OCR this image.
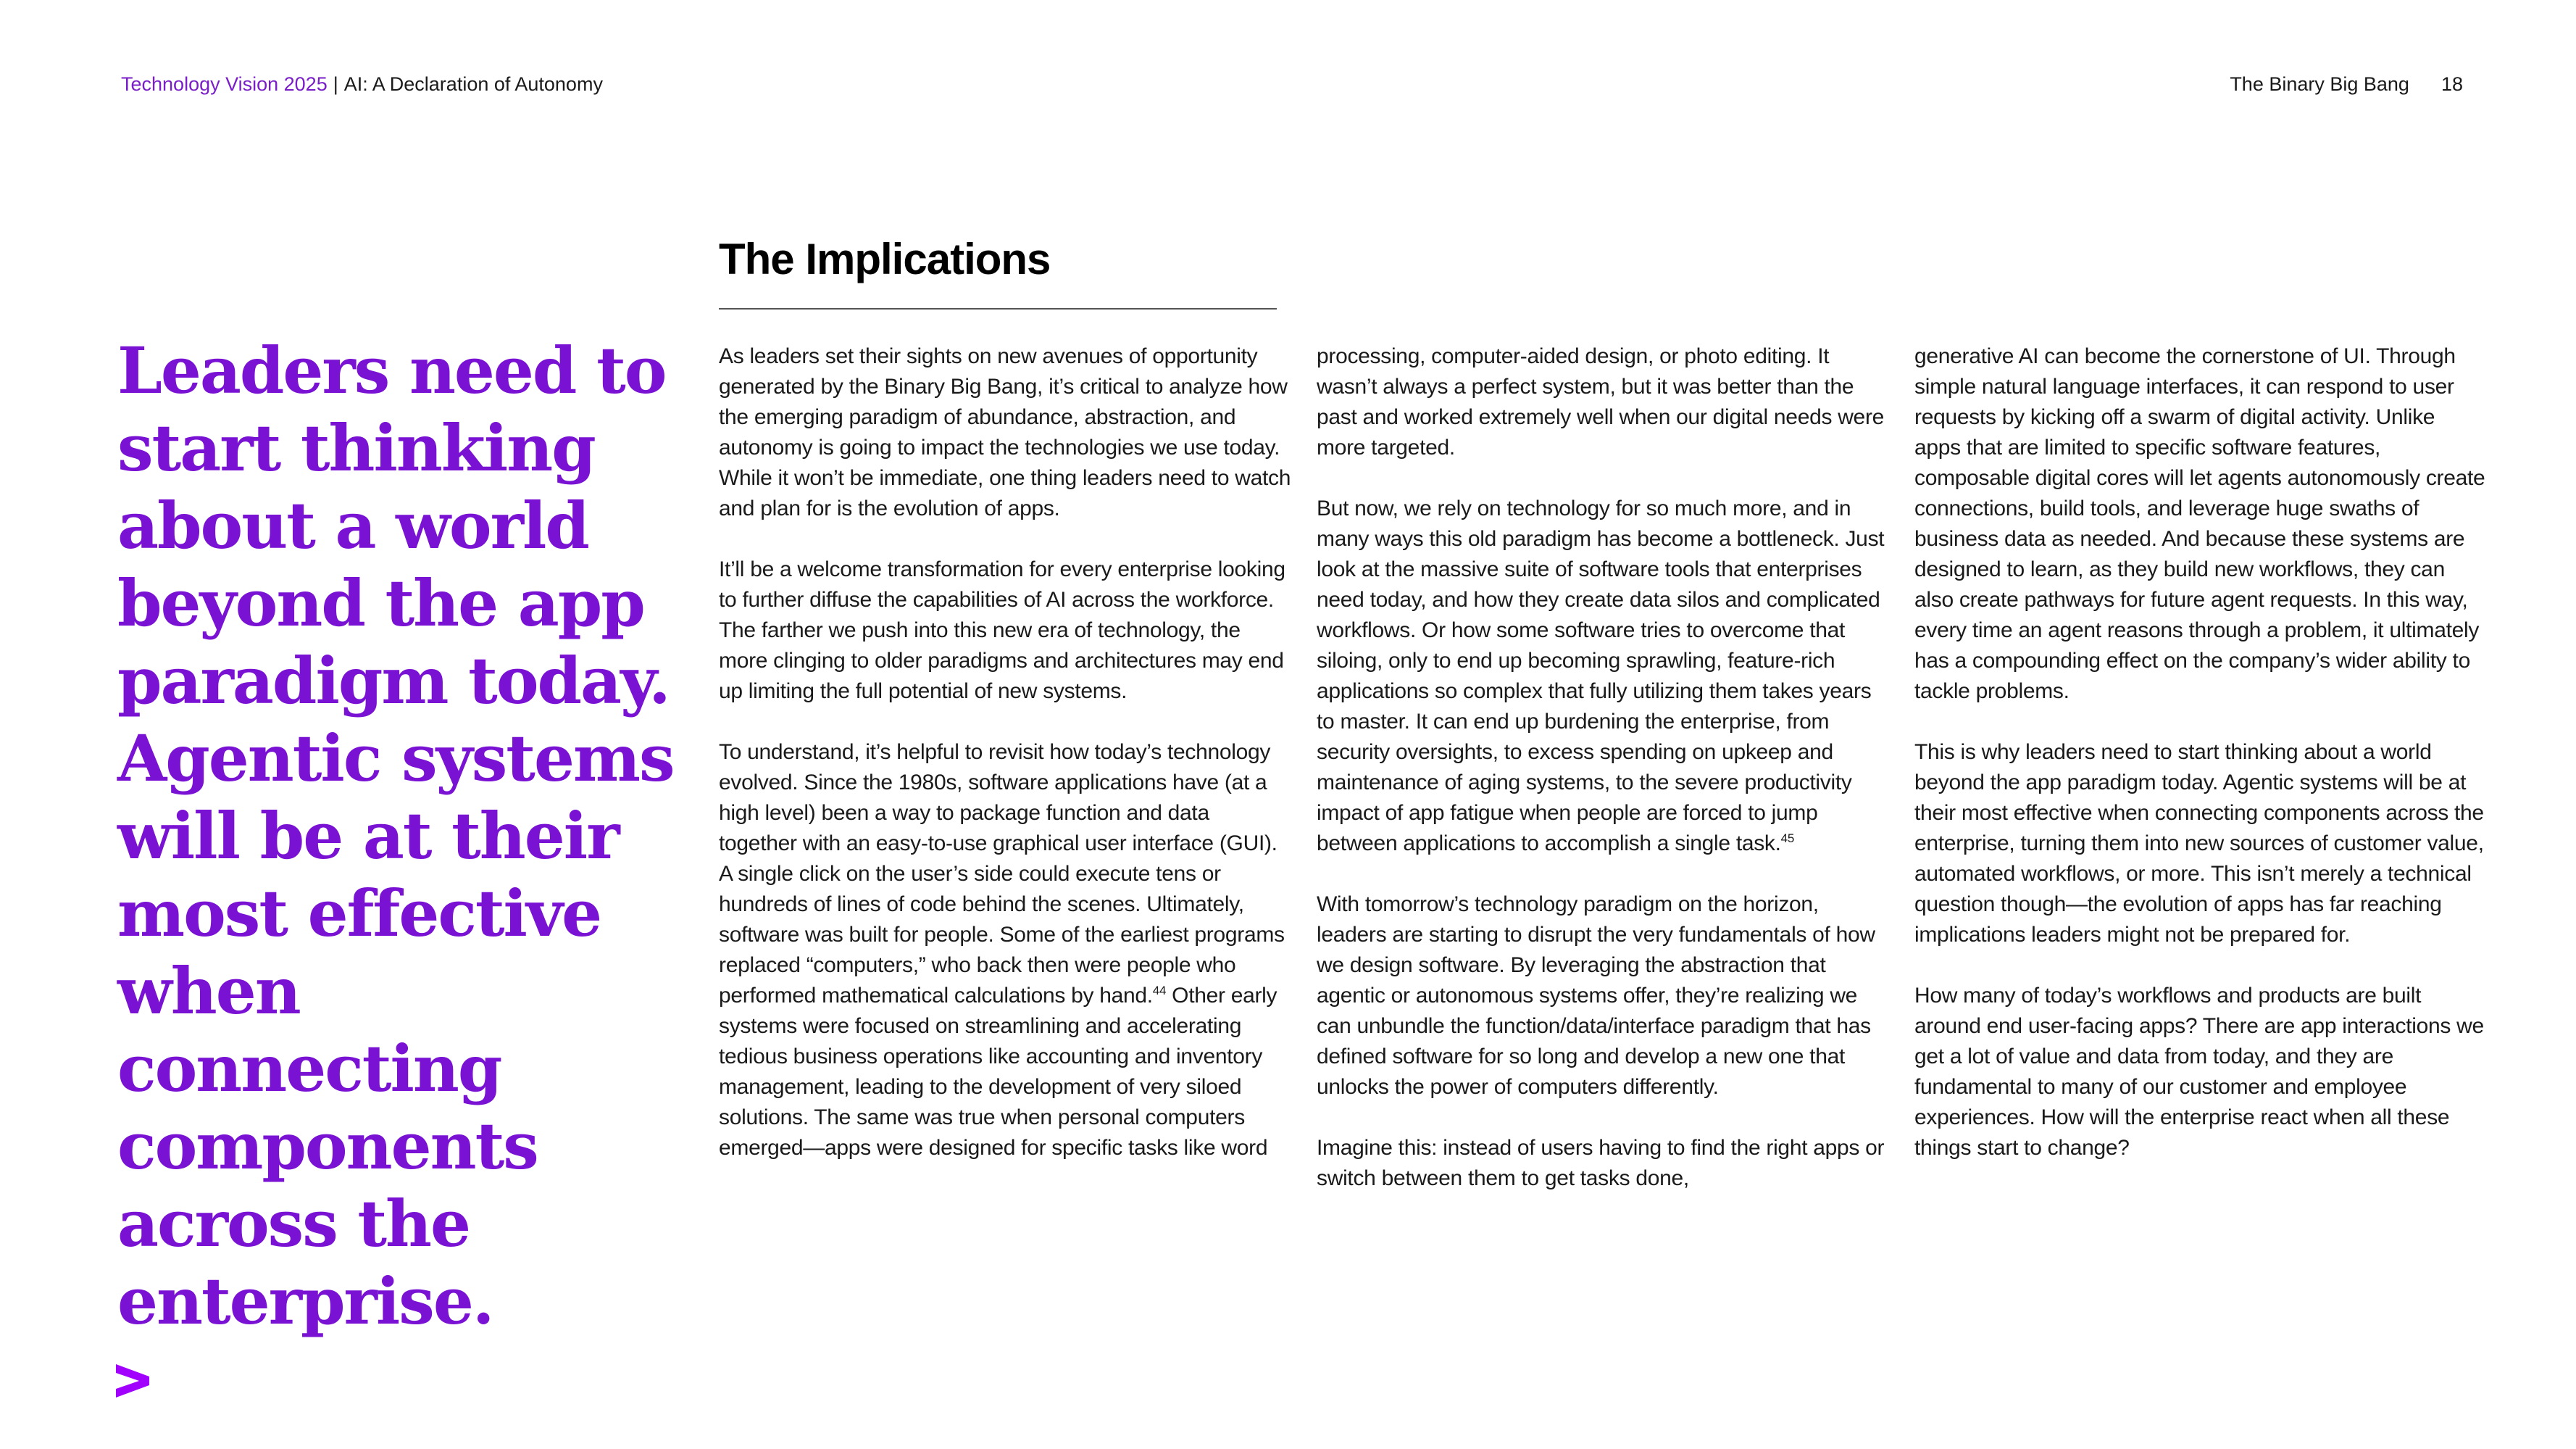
Technology Vision 2025 | AI: A Declaration of Autonomy	The Binary Big Bang 18
Leaders need to start thinking about a world beyond the app paradigm today. Agentic systems will be at their most effective when connecting components across the enterprise.
The Implications

As leaders set their sights on new avenues of opportunity generated by the Binary Big Bang, it’s critical to analyze how the emerging paradigm of abundance, abstraction, and autonomy is going to impact the technologies we use today. While it won’t be immediate, one thing leaders need to watch and plan for is the evolution of apps.

It’ll be a welcome transformation for every enterprise looking to further diffuse the capabilities of AI across the workforce. The farther we push into this new era of technology, the more clinging to older paradigms and architectures may end up limiting the full potential of new systems.

To understand, it’s helpful to revisit how today’s technology evolved. Since the 1980s, software applications have (at a high level) been a way to package function and data together with an easy-to-use graphical user interface (GUI). A single click on the user’s side could execute tens or hundreds of lines of code behind the scenes. Ultimately, software was built for people. Some of the earliest programs replaced “computers,” who back then were people who performed mathematical calculations by hand.$^{44}$ Other early systems were focused on streamlining and accelerating tedious business operations like accounting and inventory management, leading to the development of very siloed solutions. The same was true when personal computers emerged—apps were designed for specific tasks like word

processing, computer-aided design, or photo editing. It wasn’t always a perfect system, but it was better than the past and worked extremely well when our digital needs were more targeted.

But now, we rely on technology for so much more, and in many ways this old paradigm has become a bottleneck. Just look at the massive suite of software tools that enterprises need today, and how they create data silos and complicated workflows. Or how some software tries to overcome that siloing, only to end up becoming sprawling, feature-rich applications so complex that fully utilizing them takes years to master. It can end up burdening the enterprise, from security oversights, to excess spending on upkeep and maintenance of aging systems, to the severe productivity impact of app fatigue when people are forced to jump between applications to accomplish a single task.$^{45}$

With tomorrow’s technology paradigm on the horizon, leaders are starting to disrupt the very fundamentals of how we design software. By leveraging the abstraction that agentic or autonomous systems offer, they’re realizing we can unbundle the function/data/interface paradigm that has defined software for so long and develop a new one that unlocks the power of computers differently.

Imagine this: instead of users having to find the right apps or switch between them to get tasks done,

generative AI can become the cornerstone of UI. Through simple natural language interfaces, it can respond to user requests by kicking off a swarm of digital activity. Unlike apps that are limited to specific software features, composable digital cores will let agents autonomously create connections, build tools, and leverage huge swaths of business data as needed. And because these systems are designed to learn, as they build new workflows, they can also create pathways for future agent requests. In this way, every time an agent reasons through a problem, it ultimately has a compounding effect on the company’s wider ability to tackle problems.

This is why leaders need to start thinking about a world beyond the app paradigm today. Agentic systems will be at their most effective when connecting components across the enterprise, turning them into new sources of customer value, automated workflows, or more. This isn’t merely a technical question though—the evolution of apps has far reaching implications leaders might not be prepared for.

How many of today’s workflows and products are built around end user-facing apps? There are app interactions we get a lot of value and data from today, and they are fundamental to many of our customer and employee experiences. How will the enterprise react when all these things start to change?
